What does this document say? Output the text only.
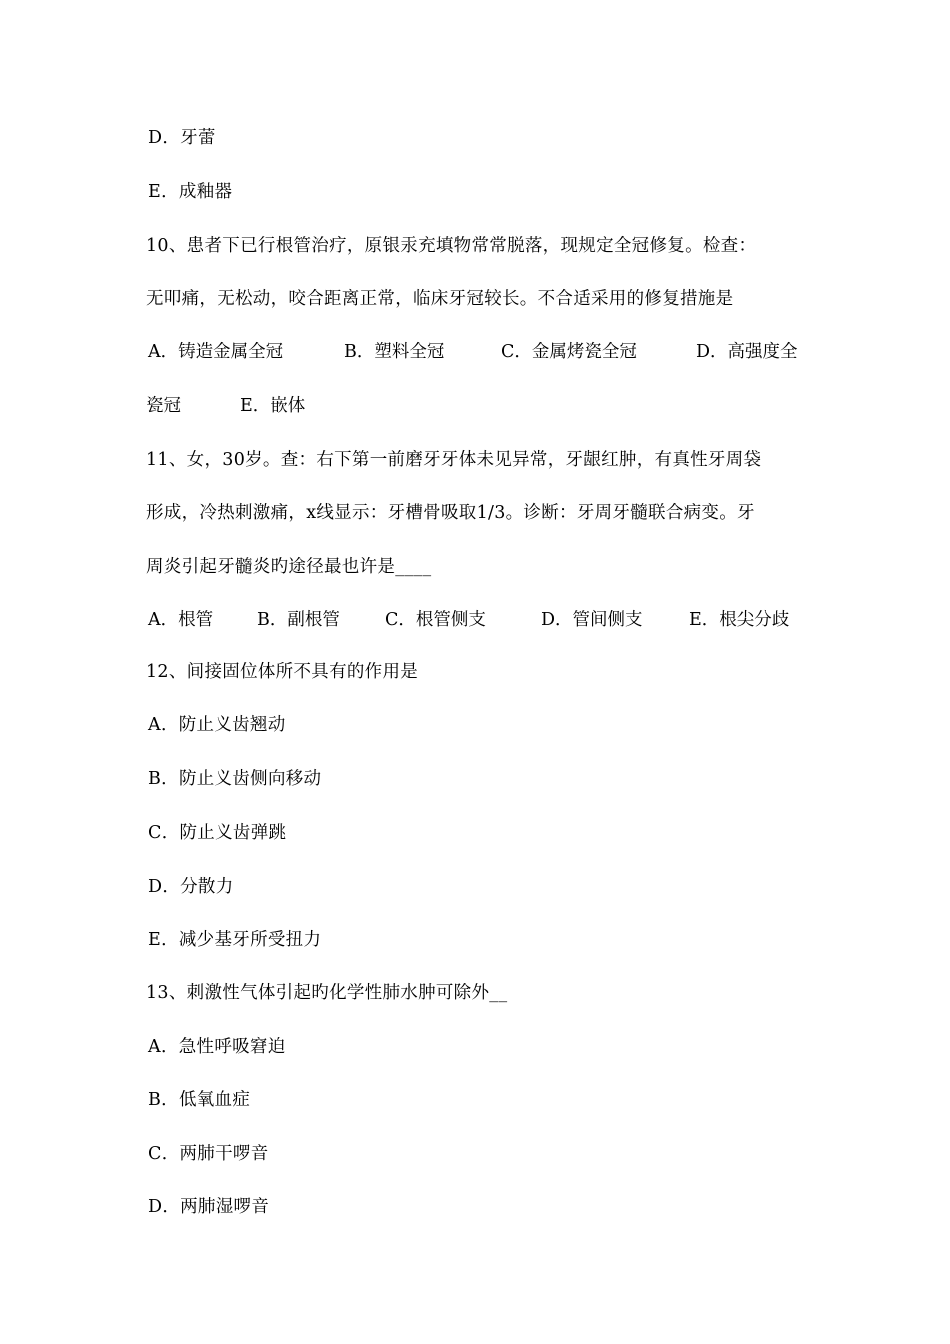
D．牙蕾
E．成釉器
10、患者下已行根管治疗，原银汞充填物常常脱落，现规定全冠修复。检查：
无叩痛，无松动，咬合距离正常，临床牙冠较长。不合适采用的修复措施是

A．铸造金属全冠

	B．塑料全冠

	C．金属烤瓷全冠

	D．高强度全

瓷冠

	E．嵌体

11、女，30岁。查：右下第一前磨牙牙体未见异常，牙龈红肿，有真性牙周袋
形成，冷热刺激痛，x线显示：牙槽骨吸取1/3。诊断：牙周牙髓联合病变。牙
周炎引起牙髓炎旳途径最也许是____

A．根管

	B．副根管

	C．根管侧支

	D．管间侧支

	E．根尖分歧

12、间接固位体所不具有的作用是
A．防止义齿翘动
B．防止义齿侧向移动
C．防止义齿弹跳
D．分散力
E．减少基牙所受扭力
13、刺激性气体引起旳化学性肺水肿可除外__
A．急性呼吸窘迫
B．低氧血症
C．两肺干啰音
D．两肺湿啰音
